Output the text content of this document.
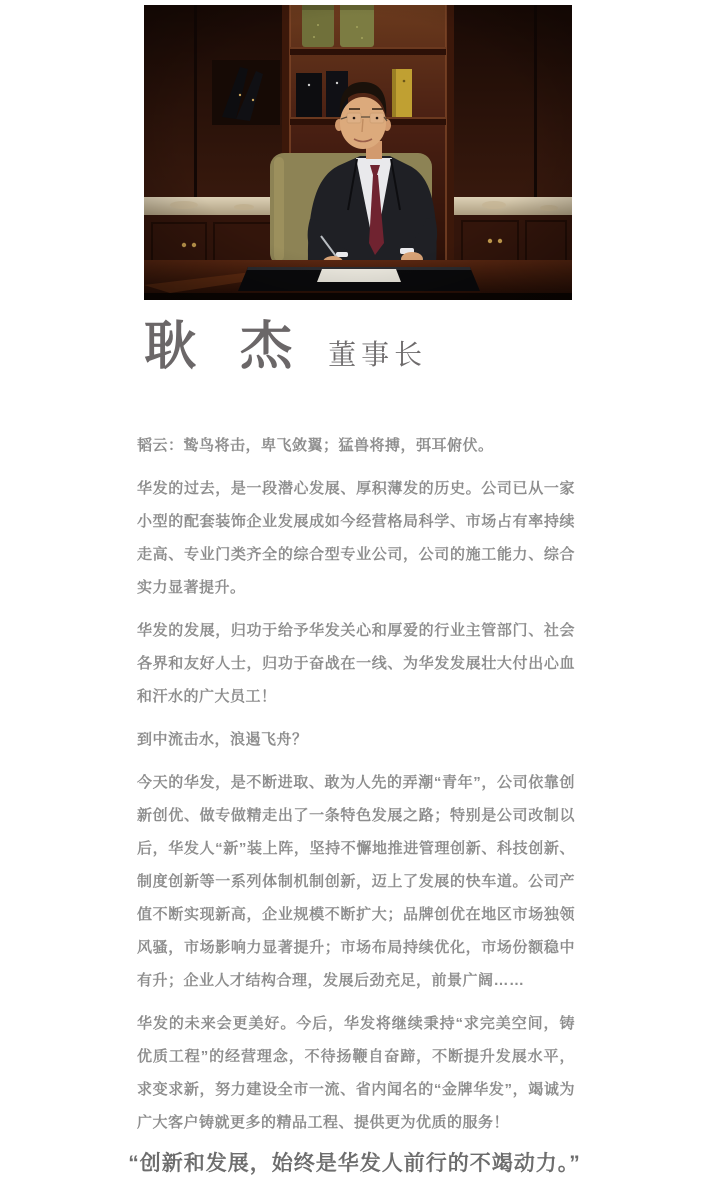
耿 杰 董事长

韬云：鸷鸟将击，卑飞敛翼；猛兽将搏，弭耳俯伏。

华发的过去，是一段潜心发展、厚积薄发的历史。公司已从一家小型的配套装饰企业发展成如今经营格局科学、市场占有率持续走高、专业门类齐全的综合型专业公司，公司的施工能力、综合实力显著提升。

华发的发展，归功于给予华发关心和厚爱的行业主管部门、社会各界和友好人士，归功于奋战在一线、为华发发展壮大付出心血和汗水的广大员工！

到中流击水，浪遏飞舟？

今天的华发，是不断进取、敢为人先的弄潮“青年”，公司依靠创新创优、做专做精走出了一条特色发展之路；特别是公司改制以后，华发人“新”装上阵，坚持不懈地推进管理创新、科技创新、制度创新等一系列体制机制创新，迈上了发展的快车道。公司产值不断实现新高，企业规模不断扩大；品牌创优在地区市场独领风骚，市场影响力显著提升；市场布局持续优化，市场份额稳中有升；企业人才结构合理，发展后劲充足，前景广阔……

华发的未来会更美好。今后，华发将继续秉持“求完美空间，铸优质工程”的经营理念，不待扬鞭自奋蹄，不断提升发展水平，求变求新，努力建设全市一流、省内闻名的“金牌华发”，竭诚为广大客户铸就更多的精品工程、提供更为优质的服务！

“创新和发展，始终是华发人前行的不竭动力。”
